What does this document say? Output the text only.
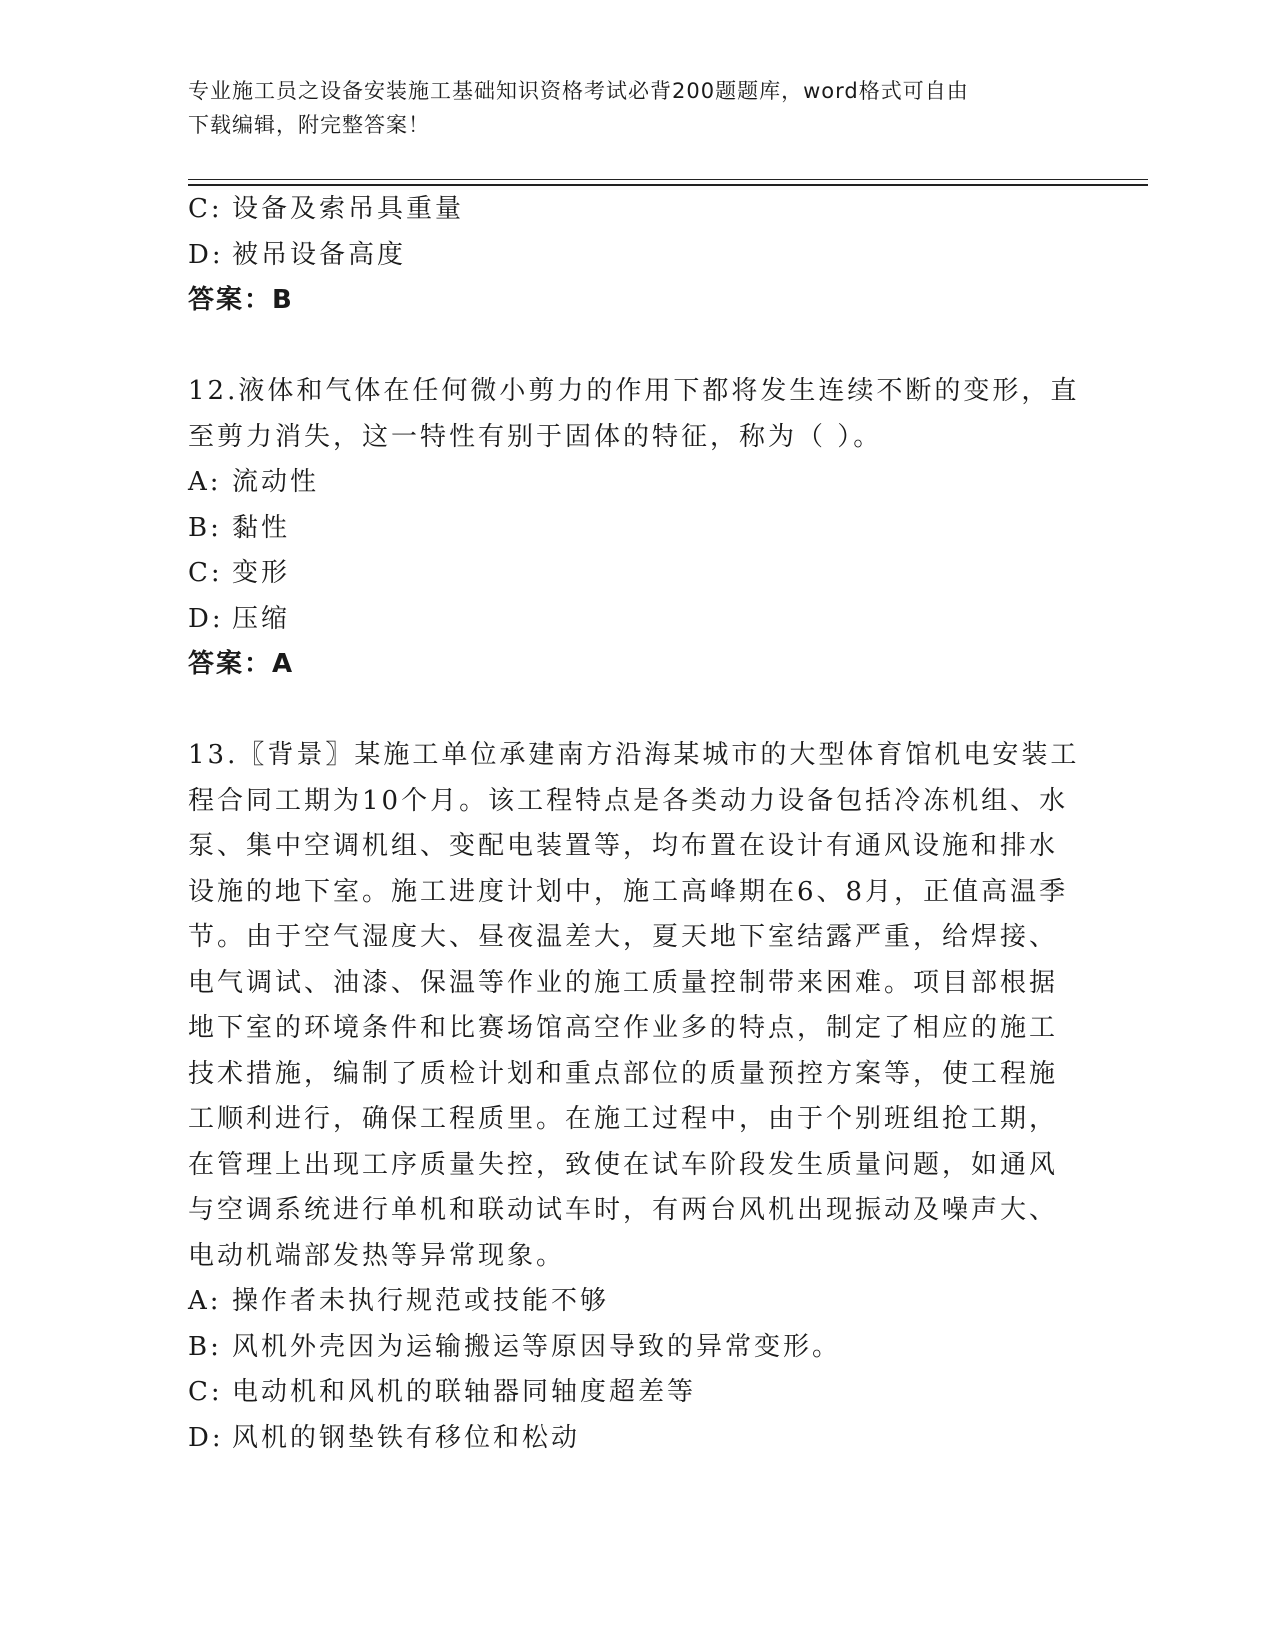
专业施工员之设备安装施工基础知识资格考试必背200题题库，word格式可自由
下载编辑，附完整答案！
C: 设备及索吊具重量
D: 被吊设备高度
答案：B
12.液体和气体在任何微小剪力的作用下都将发生连续不断的变形，直
至剪力消失，这一特性有别于固体的特征，称为（ ）。
A: 流动性
B: 黏性
C: 变形
D: 压缩
答案：A
13.〖背景〗某施工单位承建南方沿海某城市的大型体育馆机电安装工
程合同工期为10个月。该工程特点是各类动力设备包括冷冻机组、水
泵、集中空调机组、变配电装置等，均布置在设计有通风设施和排水
设施的地下室。施工进度计划中，施工高峰期在6、8月，正值高温季
节。由于空气湿度大、昼夜温差大，夏天地下室结露严重，给焊接、
电气调试、油漆、保温等作业的施工质量控制带来困难。项目部根据
地下室的环境条件和比赛场馆高空作业多的特点，制定了相应的施工
技术措施，编制了质检计划和重点部位的质量预控方案等，使工程施
工顺利进行，确保工程质里。在施工过程中，由于个别班组抢工期，
在管理上出现工序质量失控，致使在试车阶段发生质量问题，如通风
与空调系统进行单机和联动试车时，有两台风机出现振动及噪声大、
电动机端部发热等异常现象。
A: 操作者未执行规范或技能不够
B: 风机外壳因为运输搬运等原因导致的异常变形。
C: 电动机和风机的联轴器同轴度超差等
D: 风机的钢垫铁有移位和松动
